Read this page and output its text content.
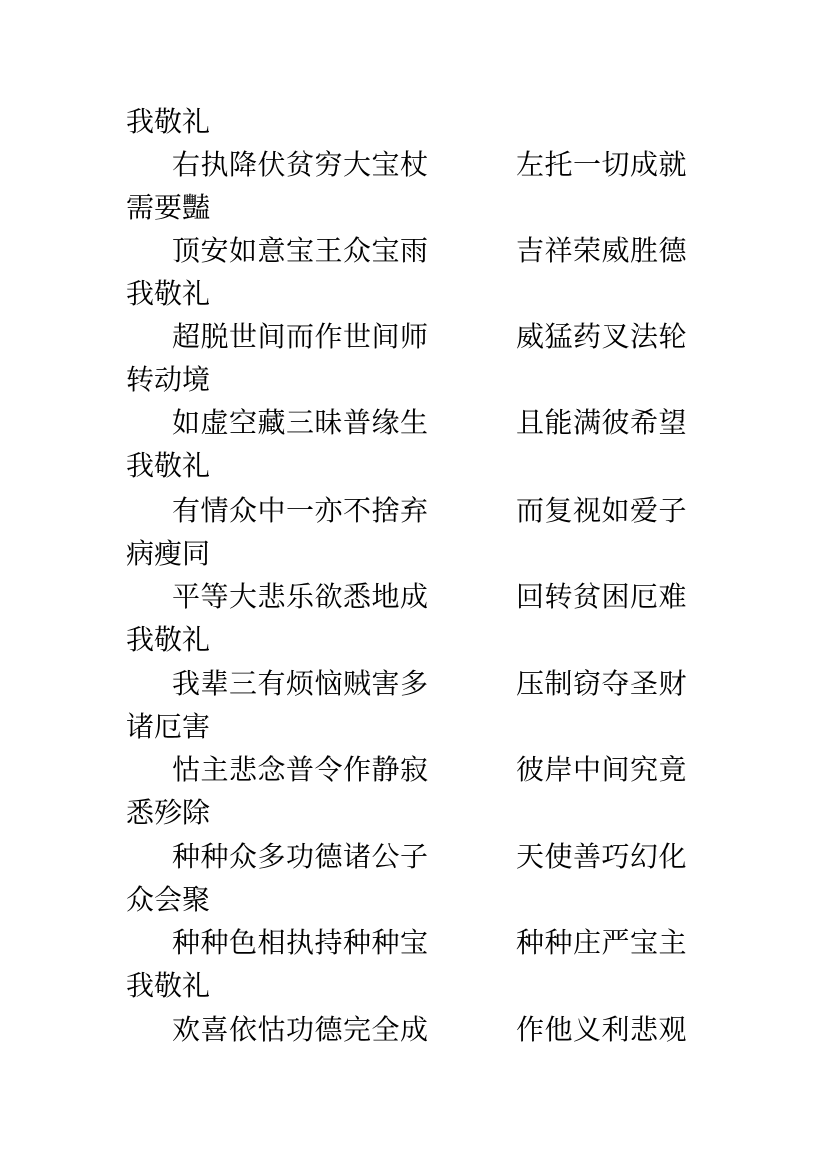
我敬礼
右执降伏贫穷大宝杖	左托一切成就
需要豔
顶安如意宝王众宝雨	吉祥荣威胜德
我敬礼
超脱世间而作世间师	威猛药叉法轮
转动境
如虚空藏三昧普缘生	且能满彼希望
我敬礼
有情众中一亦不捨弃	而复视如爱子
病瘦同
平等大悲乐欲悉地成	回转贫困厄难
我敬礼
我辈三有烦恼贼害多	压制窃夺圣财
诸厄害
怙主悲念普令作静寂	彼岸中间究竟
悉殄除
种种众多功德诸公子	天使善巧幻化
众会聚
种种色相执持种种宝	种种庄严宝主
我敬礼
欢喜依怙功德完全成	作他义利悲观
